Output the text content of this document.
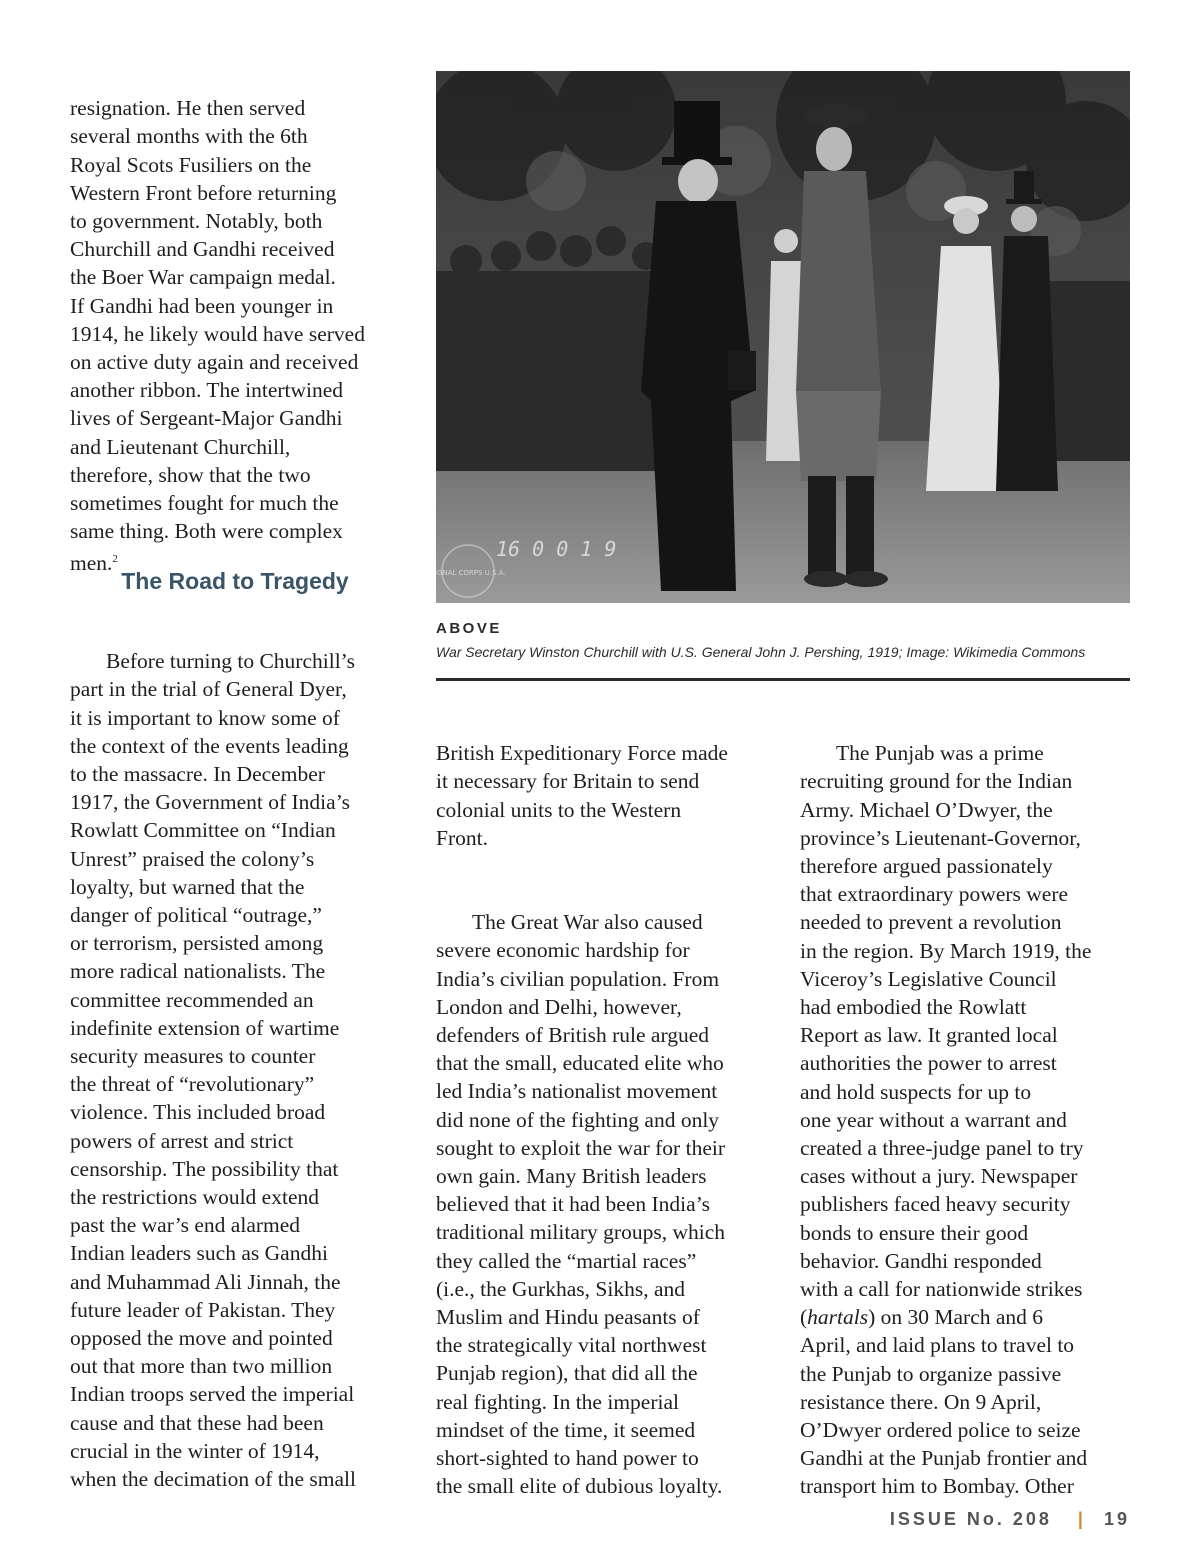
resignation. He then served
several months with the 6th
Royal Scots Fusiliers on the
Western Front before returning
to government. Notably, both
Churchill and Gandhi received
the Boer War campaign medal.
If Gandhi had been younger in
1914, he likely would have served
on active duty again and received
another ribbon. The intertwined
lives of Sergeant-Major Gandhi
and Lieutenant Churchill,
therefore, show that the two
sometimes fought for much the
same thing. Both were complex
men.$^2$

The Road to Tragedy

Before turning to Churchill’s
part in the trial of General Dyer,
it is important to know some of
the context of the events leading
to the massacre. In December
1917, the Government of India’s
Rowlatt Committee on “Indian
Unrest” praised the colony’s
loyalty, but warned that the
danger of political “outrage,”
or terrorism, persisted among
more radical nationalists. The
committee recommended an
indefinite extension of wartime
security measures to counter
the threat of “revolutionary”
violence. This included broad
powers of arrest and strict
censorship. The possibility that
the restrictions would extend
past the war’s end alarmed
Indian leaders such as Gandhi
and Muhammad Ali Jinnah, the
future leader of Pakistan. They
opposed the move and pointed
out that more than two million
Indian troops served the imperial
cause and that these had been
crucial in the winter of 1914,
when the decimation of the small

16 0 0 1 9
SIGNAL CORPS U.S.A.
ABOVE
War Secretary Winston Churchill with U.S. General John J. Pershing, 1919; Image: Wikimedia Commons

British Expeditionary Force made
it necessary for Britain to send
colonial units to the Western
Front.

The Great War also caused
severe economic hardship for
India’s civilian population. From
London and Delhi, however,
defenders of British rule argued
that the small, educated elite who
led India’s nationalist movement
did none of the fighting and only
sought to exploit the war for their
own gain. Many British leaders
believed that it had been India’s
traditional military groups, which
they called the “martial races”
(i.e., the Gurkhas, Sikhs, and
Muslim and Hindu peasants of
the strategically vital northwest
Punjab region), that did all the
real fighting. In the imperial
mindset of the time, it seemed
short-sighted to hand power to
the small elite of dubious loyalty.

The Punjab was a prime
recruiting ground for the Indian
Army. Michael O’Dwyer, the
province’s Lieutenant-Governor,
therefore argued passionately
that extraordinary powers were
needed to prevent a revolution
in the region. By March 1919, the
Viceroy’s Legislative Council
had embodied the Rowlatt
Report as law. It granted local
authorities the power to arrest
and hold suspects for up to
one year without a warrant and
created a three-judge panel to try
cases without a jury. Newspaper
publishers faced heavy security
bonds to ensure their good
behavior. Gandhi responded
with a call for nationwide strikes
(hartals) on 30 March and 6
April, and laid plans to travel to
the Punjab to organize passive
resistance there. On 9 April,
O’Dwyer ordered police to seize
Gandhi at the Punjab frontier and
transport him to Bombay. Other

ISSUE No. 208 | 19
